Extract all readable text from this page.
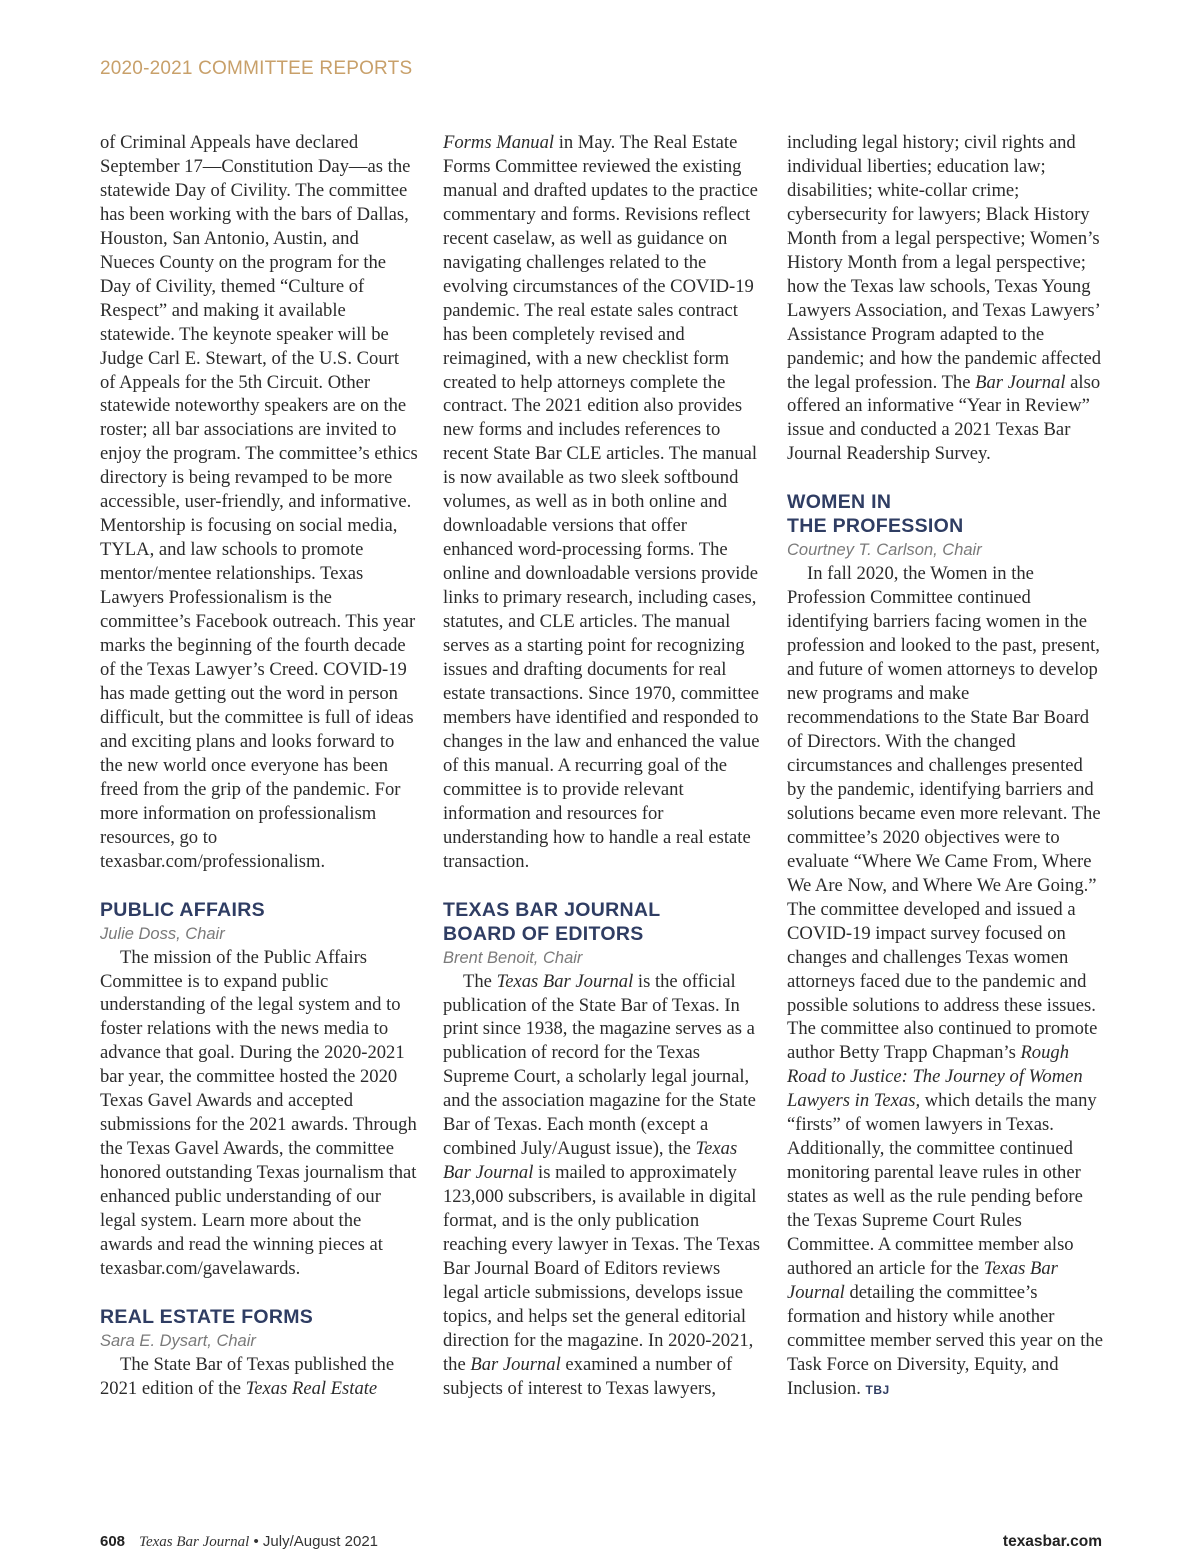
2020-2021 COMMITTEE REPORTS

of Criminal Appeals have declared September 17—Constitution Day—as the statewide Day of Civility. The committee has been working with the bars of Dallas, Houston, San Antonio, Austin, and Nueces County on the program for the Day of Civility, themed “Culture of Respect” and making it available statewide. The keynote speaker will be Judge Carl E. Stewart, of the U.S. Court of Appeals for the 5th Circuit. Other statewide noteworthy speakers are on the roster; all bar associations are invited to enjoy the program. The committee’s ethics directory is being revamped to be more accessible, user-friendly, and informative. Mentorship is focusing on social media, TYLA, and law schools to promote mentor/mentee relationships. Texas Lawyers Professionalism is the committee’s Facebook outreach. This year marks the beginning of the fourth decade of the Texas Lawyer’s Creed. COVID-19 has made getting out the word in person difficult, but the committee is full of ideas and exciting plans and looks forward to the new world once everyone has been freed from the grip of the pandemic. For more information on professionalism resources, go to texasbar.com/professionalism.

PUBLIC AFFAIRS
Julie Doss, Chair

The mission of the Public Affairs Committee is to expand public understanding of the legal system and to foster relations with the news media to advance that goal. During the 2020-2021 bar year, the committee hosted the 2020 Texas Gavel Awards and accepted submissions for the 2021 awards. Through the Texas Gavel Awards, the committee honored outstanding Texas journalism that enhanced public understanding of our legal system. Learn more about the awards and read the winning pieces at texasbar.com/gavelawards.

REAL ESTATE FORMS
Sara E. Dysart, Chair

The State Bar of Texas published the 2021 edition of the Texas Real Estate

Forms Manual in May. The Real Estate Forms Committee reviewed the existing manual and drafted updates to the practice commentary and forms. Revisions reflect recent caselaw, as well as guidance on navigating challenges related to the evolving circumstances of the COVID-19 pandemic. The real estate sales contract has been completely revised and reimagined, with a new checklist form created to help attorneys complete the contract. The 2021 edition also provides new forms and includes references to recent State Bar CLE articles. The manual is now available as two sleek softbound volumes, as well as in both online and downloadable versions that offer enhanced word-processing forms. The online and downloadable versions provide links to primary research, including cases, statutes, and CLE articles. The manual serves as a starting point for recognizing issues and drafting documents for real estate transactions. Since 1970, committee members have identified and responded to changes in the law and enhanced the value of this manual. A recurring goal of the committee is to provide relevant information and resources for understanding how to handle a real estate transaction.

TEXAS BAR JOURNAL
BOARD OF EDITORS
Brent Benoit, Chair

The Texas Bar Journal is the official publication of the State Bar of Texas. In print since 1938, the magazine serves as a publication of record for the Texas Supreme Court, a scholarly legal journal, and the association magazine for the State Bar of Texas. Each month (except a combined July/August issue), the Texas Bar Journal is mailed to approximately 123,000 subscribers, is available in digital format, and is the only publication reaching every lawyer in Texas. The Texas Bar Journal Board of Editors reviews legal article submissions, develops issue topics, and helps set the general editorial direction for the magazine. In 2020-2021, the Bar Journal examined a number of subjects of interest to Texas lawyers,

including legal history; civil rights and individual liberties; education law; disabilities; white-collar crime; cybersecurity for lawyers; Black History Month from a legal perspective; Women’s History Month from a legal perspective; how the Texas law schools, Texas Young Lawyers Association, and Texas Lawyers’ Assistance Program adapted to the pandemic; and how the pandemic affected the legal profession. The Bar Journal also offered an informative “Year in Review” issue and conducted a 2021 Texas Bar Journal Readership Survey.

WOMEN IN
THE PROFESSION
Courtney T. Carlson, Chair

In fall 2020, the Women in the Profession Committee continued identifying barriers facing women in the profession and looked to the past, present, and future of women attorneys to develop new programs and make recommendations to the State Bar Board of Directors. With the changed circumstances and challenges presented by the pandemic, identifying barriers and solutions became even more relevant. The committee’s 2020 objectives were to evaluate “Where We Came From, Where We Are Now, and Where We Are Going.” The committee developed and issued a COVID-19 impact survey focused on changes and challenges Texas women attorneys faced due to the pandemic and possible solutions to address these issues. The committee also continued to promote author Betty Trapp Chapman’s Rough Road to Justice: The Journey of Women Lawyers in Texas, which details the many “firsts” of women lawyers in Texas. Additionally, the committee continued monitoring parental leave rules in other states as well as the rule pending before the Texas Supreme Court Rules Committee. A committee member also authored an article for the Texas Bar Journal detailing the committee’s formation and history while another committee member served this year on the Task Force on Diversity, Equity, and Inclusion. TBJ

608 Texas Bar Journal • July/August 2021	texasbar.com
